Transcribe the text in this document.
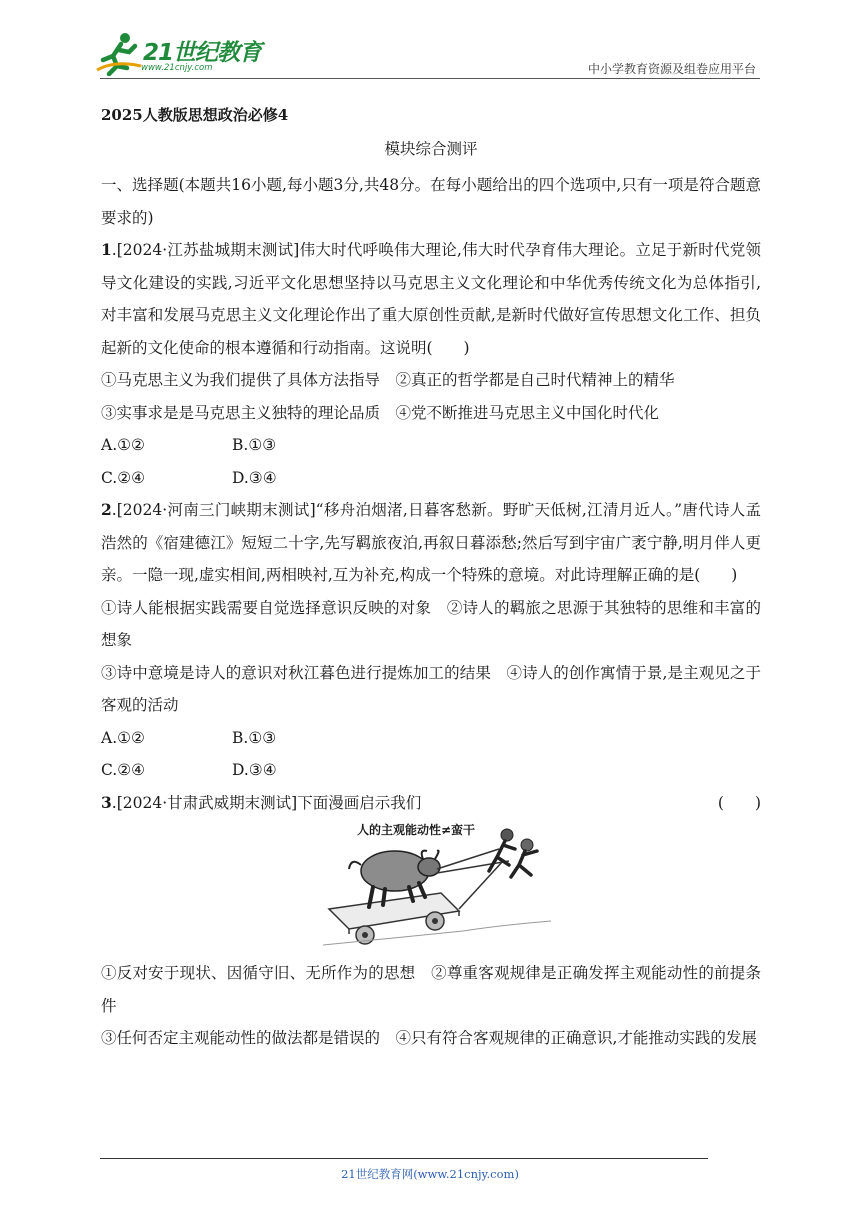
21世纪教育
www.21cnjy.com	中小学教育资源及组卷应用平台
2025人教版思想政治必修4
模块综合测评

一、选择题(本题共16小题,每小题3分,共48分。在每小题给出的四个选项中,只有一项是符合题意要求的)

1.[2024·江苏盐城期末测试]伟大时代呼唤伟大理论,伟大时代孕育伟大理论。立足于新时代党领导文化建设的实践,习近平文化思想坚持以马克思主义文化理论和中华优秀传统文化为总体指引,对丰富和发展马克思主义文化理论作出了重大原创性贡献,是新时代做好宣传思想文化工作、担负起新的文化使命的根本遵循和行动指南。这说明(　　)

①马克思主义为我们提供了具体方法指导　②真正的哲学都是自己时代精神上的精华

③实事求是是马克思主义独特的理论品质　④党不断推进马克思主义中国化时代化

A.①②	B.①③
C.②④	D.③④

2.[2024·河南三门峡期末测试]“移舟泊烟渚,日暮客愁新。野旷天低树,江清月近人。”唐代诗人孟浩然的《宿建德江》短短二十字,先写羁旅夜泊,再叙日暮添愁;然后写到宇宙广袤宁静,明月伴人更亲。一隐一现,虚实相间,两相映衬,互为补充,构成一个特殊的意境。对此诗理解正确的是(　　)

①诗人能根据实践需要自觉选择意识反映的对象　②诗人的羁旅之思源于其独特的思维和丰富的想象

③诗中意境是诗人的意识对秋江暮色进行提炼加工的结果　④诗人的创作寓情于景,是主观见之于客观的活动

A.①②	B.①③
C.②④	D.③④
3.[2024·甘肃武威期末测试]下面漫画启示我们	(　　)
人的主观能动性≠蛮干

①反对安于现状、因循守旧、无所作为的思想　②尊重客观规律是正确发挥主观能动性的前提条件

③任何否定主观能动性的做法都是错误的　④只有符合客观规律的正确意识,才能推动实践的发展

21世纪教育网(www.21cnjy.com)
